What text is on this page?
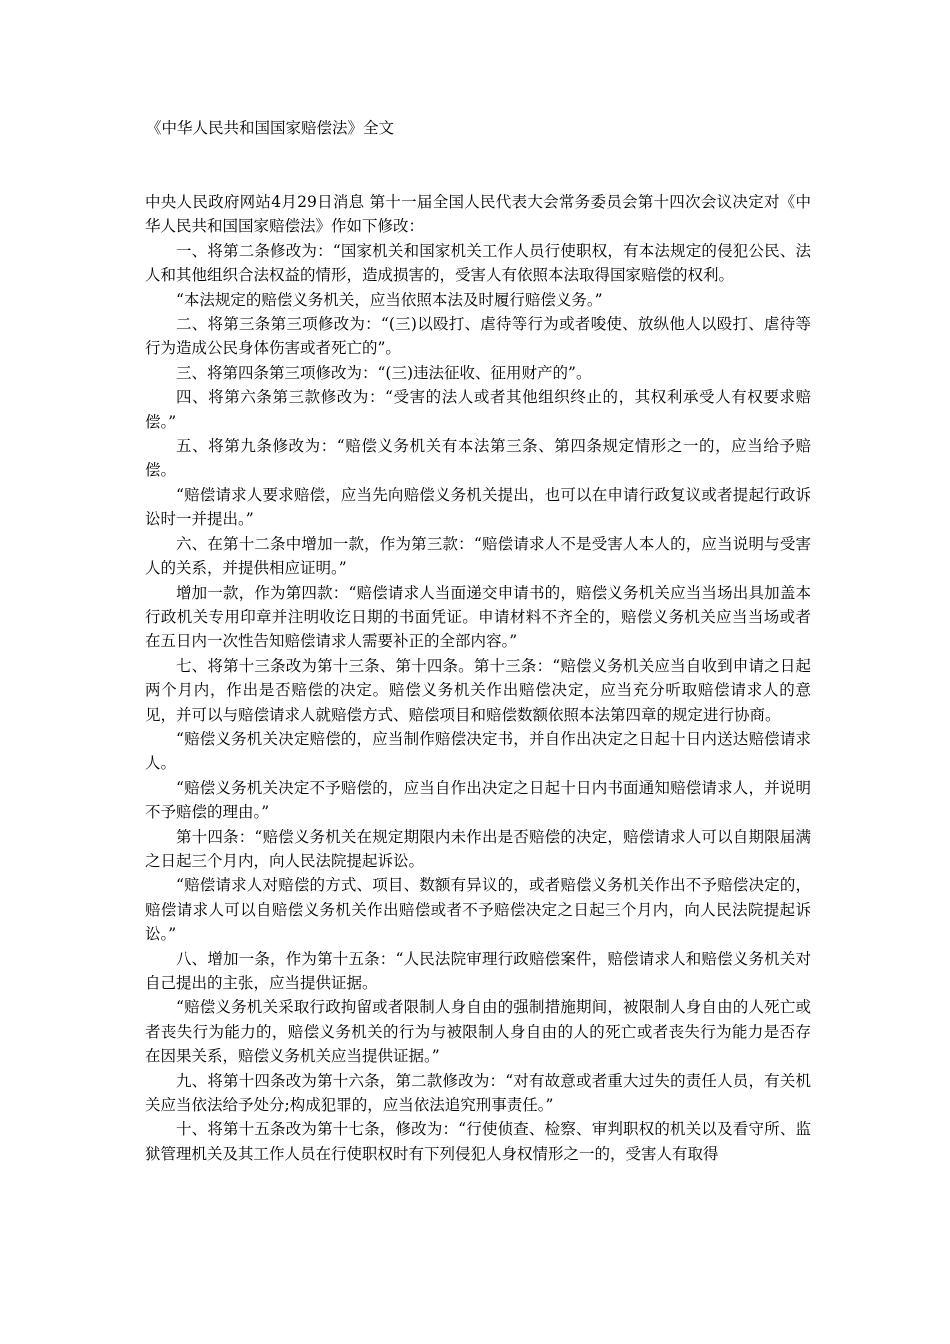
《中华人民共和国国家赔偿法》全文

中央人民政府网站4月29日消息 第十一届全国人民代表大会常务委员会第十四次会议决定对《中华人民共和国国家赔偿法》作如下修改：

一、将第二条修改为：“国家机关和国家机关工作人员行使职权，有本法规定的侵犯公民、法人和其他组织合法权益的情形，造成损害的，受害人有依照本法取得国家赔偿的权利。

“本法规定的赔偿义务机关，应当依照本法及时履行赔偿义务。”

二、将第三条第三项修改为：“(三)以殴打、虐待等行为或者唆使、放纵他人以殴打、虐待等行为造成公民身体伤害或者死亡的”。

三、将第四条第三项修改为：“(三)违法征收、征用财产的”。

四、将第六条第三款修改为：“受害的法人或者其他组织终止的，其权利承受人有权要求赔偿。”

五、将第九条修改为：“赔偿义务机关有本法第三条、第四条规定情形之一的，应当给予赔偿。

“赔偿请求人要求赔偿，应当先向赔偿义务机关提出，也可以在申请行政复议或者提起行政诉讼时一并提出。”

六、在第十二条中增加一款，作为第三款：“赔偿请求人不是受害人本人的，应当说明与受害人的关系，并提供相应证明。”

增加一款，作为第四款：“赔偿请求人当面递交申请书的，赔偿义务机关应当当场出具加盖本行政机关专用印章并注明收讫日期的书面凭证。申请材料不齐全的，赔偿义务机关应当当场或者在五日内一次性告知赔偿请求人需要补正的全部内容。”

七、将第十三条改为第十三条、第十四条。第十三条：“赔偿义务机关应当自收到申请之日起两个月内，作出是否赔偿的决定。赔偿义务机关作出赔偿决定，应当充分听取赔偿请求人的意见，并可以与赔偿请求人就赔偿方式、赔偿项目和赔偿数额依照本法第四章的规定进行协商。

“赔偿义务机关决定赔偿的，应当制作赔偿决定书，并自作出决定之日起十日内送达赔偿请求人。

“赔偿义务机关决定不予赔偿的，应当自作出决定之日起十日内书面通知赔偿请求人，并说明不予赔偿的理由。”

第十四条：“赔偿义务机关在规定期限内未作出是否赔偿的决定，赔偿请求人可以自期限届满之日起三个月内，向人民法院提起诉讼。

“赔偿请求人对赔偿的方式、项目、数额有异议的，或者赔偿义务机关作出不予赔偿决定的，赔偿请求人可以自赔偿义务机关作出赔偿或者不予赔偿决定之日起三个月内，向人民法院提起诉讼。”

八、增加一条，作为第十五条：“人民法院审理行政赔偿案件，赔偿请求人和赔偿义务机关对自己提出的主张，应当提供证据。

“赔偿义务机关采取行政拘留或者限制人身自由的强制措施期间，被限制人身自由的人死亡或者丧失行为能力的，赔偿义务机关的行为与被限制人身自由的人的死亡或者丧失行为能力是否存在因果关系，赔偿义务机关应当提供证据。”

九、将第十四条改为第十六条，第二款修改为：“对有故意或者重大过失的责任人员，有关机关应当依法给予处分;构成犯罪的，应当依法追究刑事责任。”

十、将第十五条改为第十七条，修改为：“行使侦查、检察、审判职权的机关以及看守所、监狱管理机关及其工作人员在行使职权时有下列侵犯人身权情形之一的，受害人有取得
